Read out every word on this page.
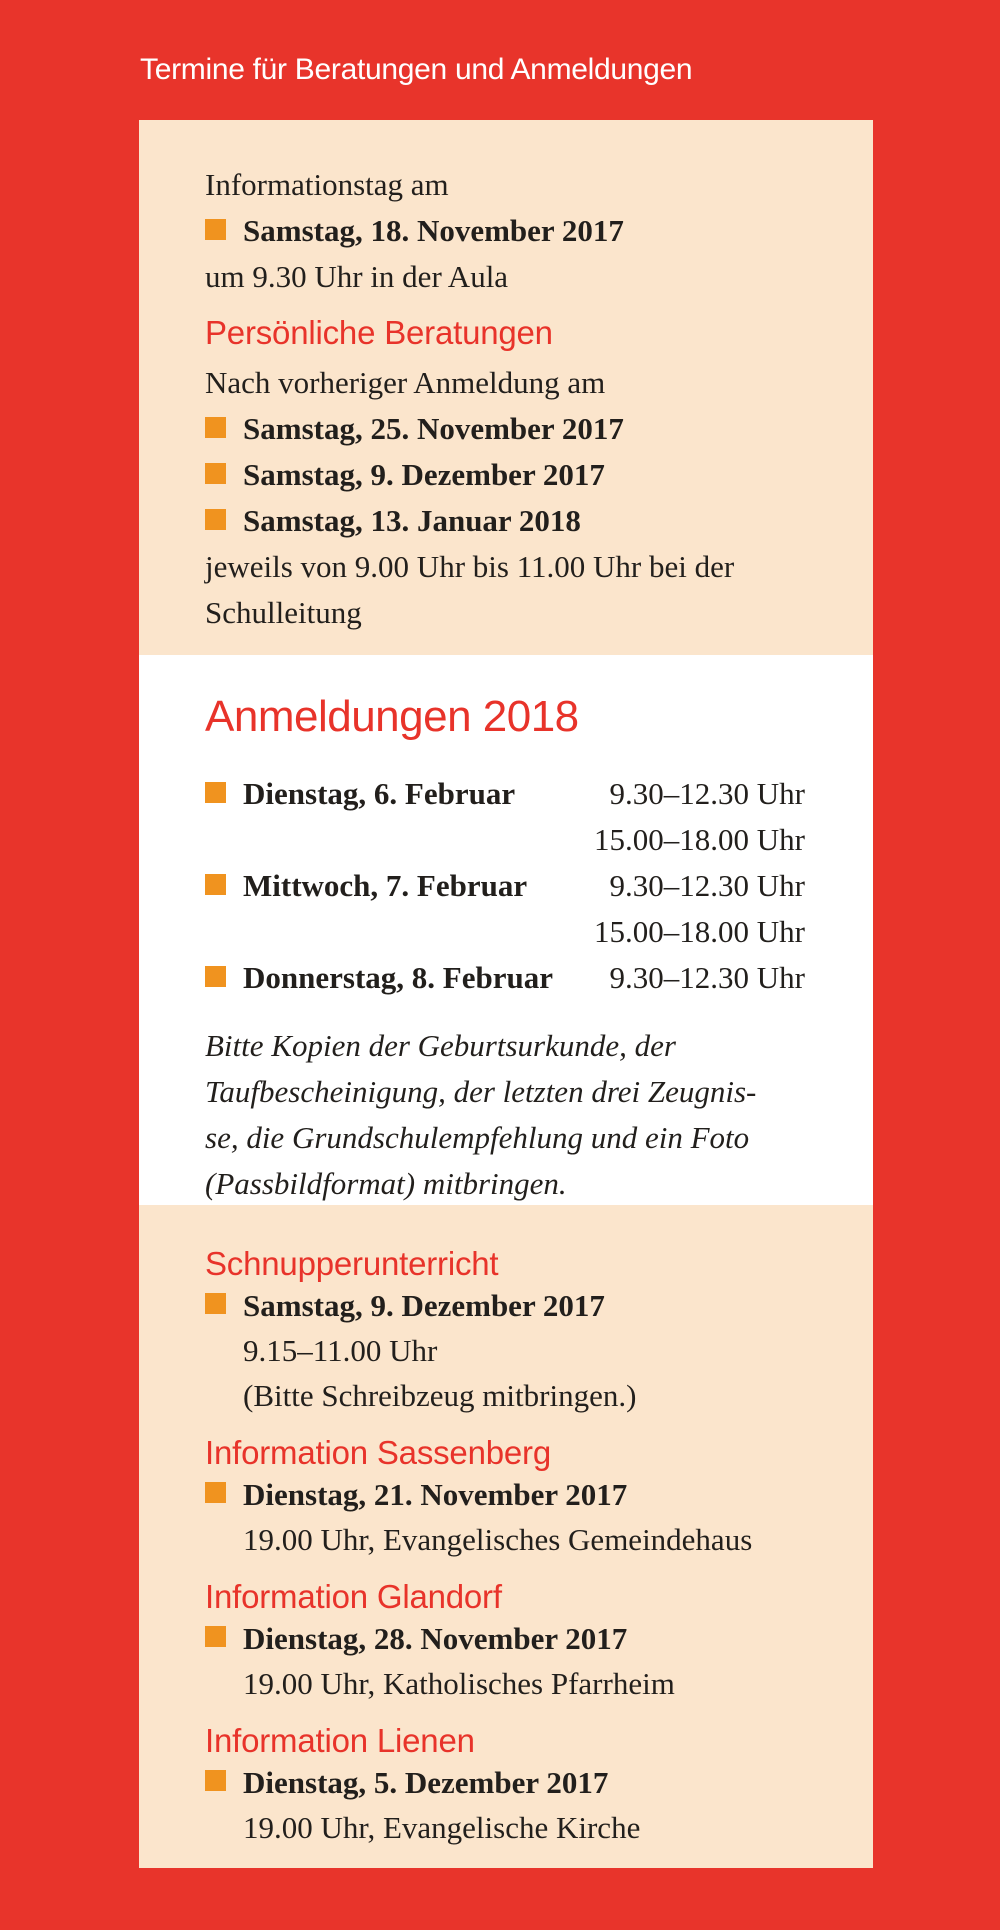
Termine für Beratungen und Anmeldungen
Informationstag am
Samstag, 18. November 2017
um 9.30 Uhr in der Aula
Persönliche Beratungen
Nach vorheriger Anmeldung am
Samstag, 25. November 2017
Samstag, 9. Dezember 2017
Samstag, 13. Januar 2018
jeweils von 9.00 Uhr bis 11.00 Uhr bei der
Schulleitung
Anmeldungen 2018
Dienstag, 6. Februar	9.30–12.30 Uhr
15.00–18.00 Uhr
Mittwoch, 7. Februar	9.30–12.30 Uhr
15.00–18.00 Uhr
Donnerstag, 8. Februar	9.30–12.30 Uhr
Bitte Kopien der Geburtsurkunde, der
Taufbescheinigung, der letzten drei Zeugnis-
se, die Grundschulempfehlung und ein Foto
(Passbildformat) mitbringen.
Schnupperunterricht
Samstag, 9. Dezember 2017
9.15–11.00 Uhr
(Bitte Schreibzeug mitbringen.)
Information Sassenberg
Dienstag, 21. November 2017
19.00 Uhr, Evangelisches Gemeindehaus
Information Glandorf
Dienstag, 28. November 2017
19.00 Uhr, Katholisches Pfarrheim
Information Lienen
Dienstag, 5. Dezember 2017
19.00 Uhr, Evangelische Kirche
